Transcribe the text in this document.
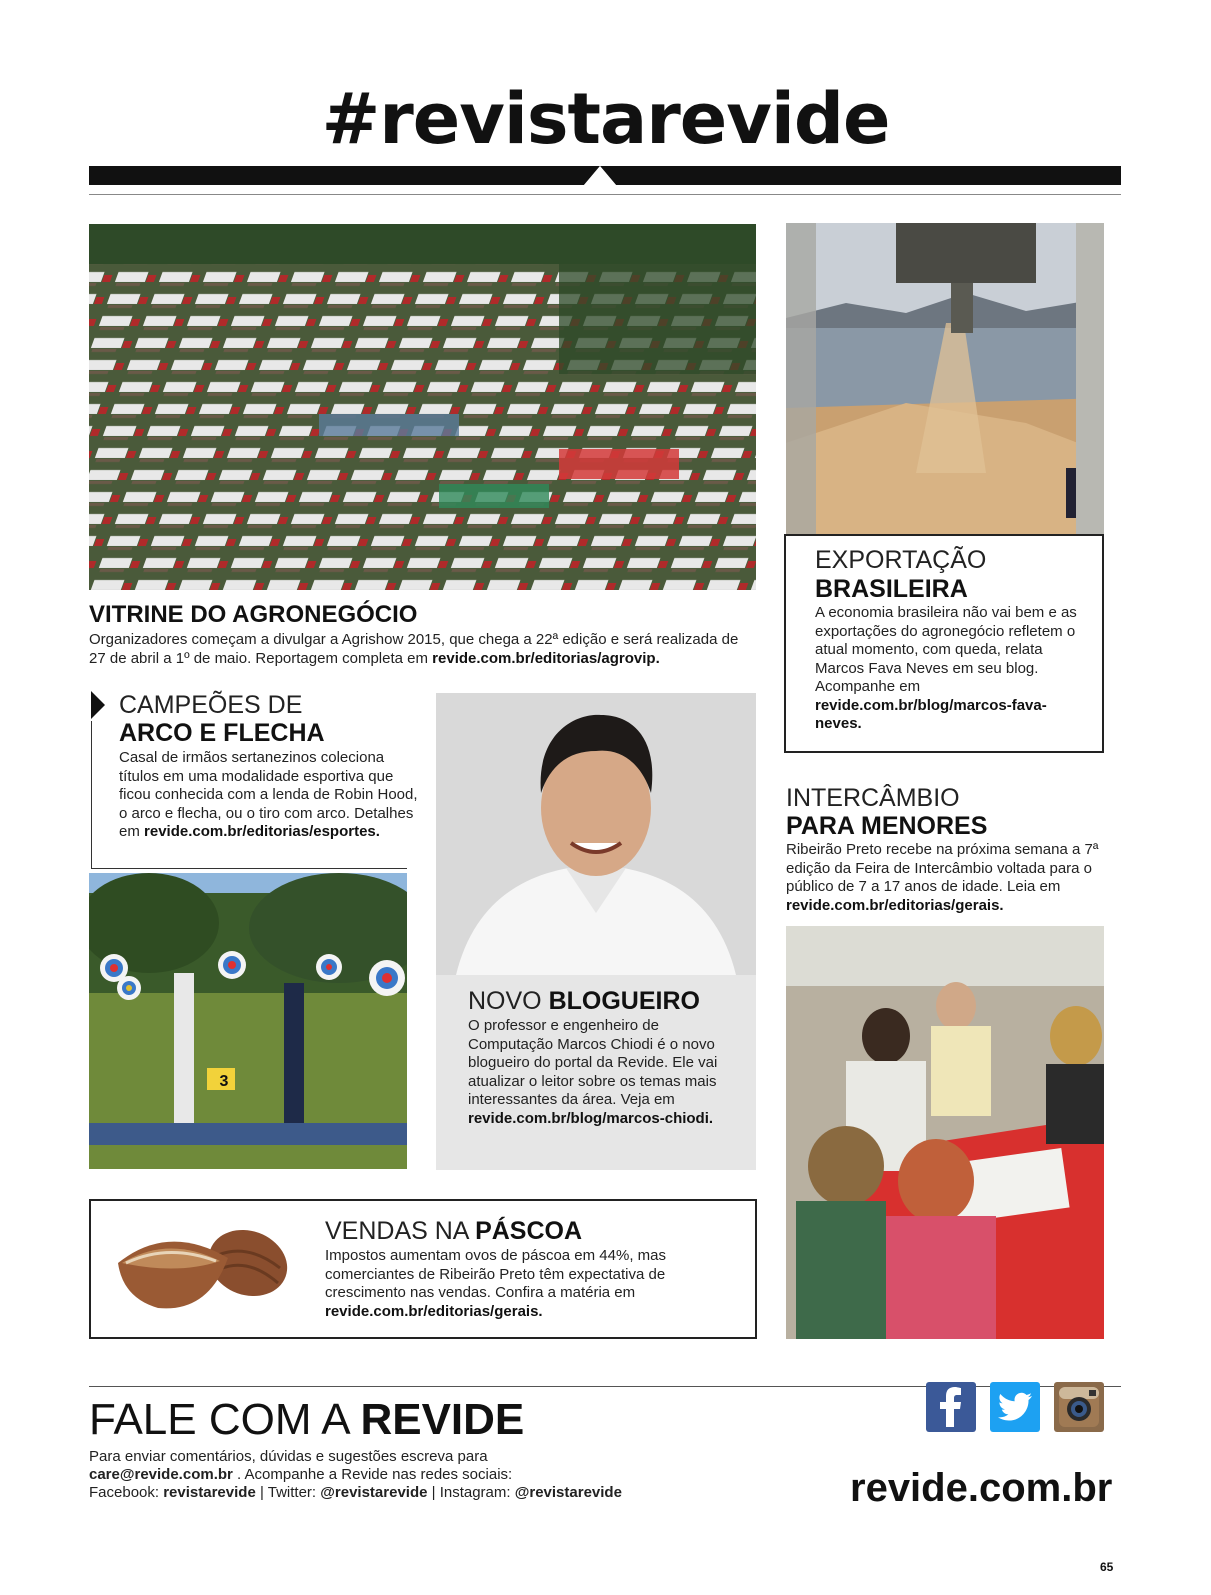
#revistarevide
VITRINE DO AGRONEGÓCIO
Organizadores começam a divulgar a Agrishow 2015, que chega a 22ª edição e será realizada de 27 de abril a 1º de maio. Reportagem completa em revide.com.br/editorias/agrovip.
EXPORTAÇÃO
BRASILEIRA
A economia brasileira não vai bem e as exportações do agronegócio refletem o atual momento, com queda, relata Marcos Fava Neves em seu blog. Acompanhe em revide.com.br/blog/marcos-fava-neves.
CAMPEÕES DE
ARCO E FLECHA
Casal de irmãos sertanezinos coleciona títulos em uma modalidade esportiva que ficou conhecida com a lenda de Robin Hood, o arco e flecha, ou o tiro com arco. Detalhes em revide.com.br/editorias/esportes.
3
NOVO BLOGUEIRO
O professor e engenheiro de Computação Marcos Chiodi é o novo blogueiro do portal da Revide. Ele vai atualizar o leitor sobre os temas mais interessantes da área. Veja em revide.com.br/blog/marcos-chiodi.
INTERCÂMBIO
PARA MENORES
Ribeirão Preto recebe na próxima semana a 7ª edição da Feira de Intercâmbio voltada para o público de 7 a 17 anos de idade. Leia em revide.com.br/editorias/gerais.
VENDAS NA PÁSCOA
Impostos aumentam ovos de páscoa em 44%, mas comerciantes de Ribeirão Preto têm expectativa de crescimento nas vendas. Confira a matéria em revide.com.br/editorias/gerais.
FALE COM A REVIDE
Para enviar comentários, dúvidas e sugestões escreva para
care@revide.com.br . Acompanhe a Revide nas redes sociais:
Facebook: revistarevide | Twitter: @revistarevide | Instagram: @revistarevide	revide.com.br
65
